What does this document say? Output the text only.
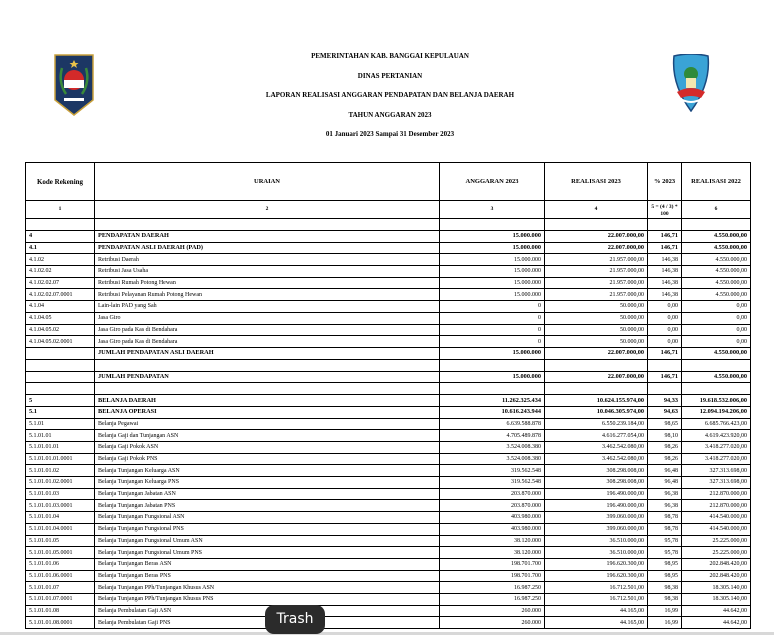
PEMERINTAHAN KAB. BANGGAI KEPULAUAN
DINAS PERTANIAN
LAPORAN REALISASI ANGGARAN PENDAPATAN DAN BELANJA DAERAH
TAHUN ANGGARAN 2023
01 Januari 2023 Sampai 31 Desember 2023
Kode Rekening	URAIAN	ANGGARAN 2023	REALISASI 2023	% 2023	REALISASI 2022
1	2	3	4	5 = (4 / 3) * 100	6

4	PENDAPATAN DAERAH	15.000.000	22.007.000,00	146,71	4.550.000,00
4.1	PENDAPATAN ASLI DAERAH (PAD)	15.000.000	22.007.000,00	146,71	4.550.000,00
4.1.02	Retribusi Daerah	15.000.000	21.957.000,00	146,38	4.550.000,00
4.1.02.02	Retribusi Jasa Usaha	15.000.000	21.957.000,00	146,38	4.550.000,00
4.1.02.02.07	Retribusi Rumah Potong Hewan	15.000.000	21.957.000,00	146,38	4.550.000,00
4.1.02.02.07.0001	Retribusi Pelayanan Rumah Potong Hewan	15.000.000	21.957.000,00	146,38	4.550.000,00
4.1.04	Lain-lain PAD yang Sah	0	50.000,00	0,00	0,00
4.1.04.05	Jasa Giro	0	50.000,00	0,00	0,00
4.1.04.05.02	Jasa Giro pada Kas di Bendahara	0	50.000,00	0,00	0,00
4.1.04.05.02.0001	Jasa Giro pada Kas di Bendahara	0	50.000,00	0,00	0,00
	JUMLAH PENDAPATAN ASLI DAERAH	15.000.000	22.007.000,00	146,71	4.550.000,00

	JUMLAH PENDAPATAN	15.000.000	22.007.000,00	146,71	4.550.000,00

5	BELANJA DAERAH	11.262.325.434	10.624.155.974,00	94,33	19.618.532.006,00
5.1	BELANJA OPERASI	10.616.243.944	10.046.305.974,00	94,63	12.094.194.206,00
5.1.01	Belanja Pegawai	6.639.588.878	6.550.239.184,00	98,65	6.685.766.423,00
5.1.01.01	Belanja Gaji dan Tunjangan ASN	4.705.489.878	4.616.277.054,00	98,10	4.619.423.920,00
5.1.01.01.01	Belanja Gaji Pokok ASN	3.524.008.380	3.462.542.080,00	98,26	3.418.277.020,00
5.1.01.01.01.0001	Belanja Gaji Pokok PNS	3.524.008.380	3.462.542.080,00	98,26	3.418.277.020,00
5.1.01.01.02	Belanja Tunjangan Keluarga ASN	319.562.548	308.298.008,00	96,48	327.313.698,00
5.1.01.01.02.0001	Belanja Tunjangan Keluarga PNS	319.562.548	308.298.008,00	96,48	327.313.698,00
5.1.01.01.03	Belanja Tunjangan Jabatan ASN	203.870.000	196.490.000,00	96,38	212.870.000,00
5.1.01.01.03.0001	Belanja Tunjangan Jabatan PNS	203.870.000	196.490.000,00	96,38	212.870.000,00
5.1.01.01.04	Belanja Tunjangan Fungsional ASN	403.980.000	399.060.000,00	98,78	414.540.000,00
5.1.01.01.04.0001	Belanja Tunjangan Fungsional PNS	403.980.000	399.060.000,00	98,78	414.540.000,00
5.1.01.01.05	Belanja Tunjangan Fungsional Umum ASN	38.120.000	36.510.000,00	95,78	25.225.000,00
5.1.01.01.05.0001	Belanja Tunjangan Fungsional Umum PNS	38.120.000	36.510.000,00	95,78	25.225.000,00
5.1.01.01.06	Belanja Tunjangan Beras ASN	198.701.700	196.620.300,00	98,95	202.848.420,00
5.1.01.01.06.0001	Belanja Tunjangan Beras PNS	198.701.700	196.620.300,00	98,95	202.848.420,00
5.1.01.01.07	Belanja Tunjangan PPh/Tunjangan Khusus ASN	16.987.250	16.712.501,00	98,38	18.305.140,00
5.1.01.01.07.0001	Belanja Tunjangan PPh/Tunjangan Khusus PNS	16.987.250	16.712.501,00	98,38	18.305.140,00
5.1.01.01.08	Belanja Pembulatan Gaji ASN	260.000	44.165,00	16,99	44.642,00
5.1.01.01.08.0001	Belanja Pembulatan Gaji PNS	260.000	44.165,00	16,99	44.642,00
Trash
